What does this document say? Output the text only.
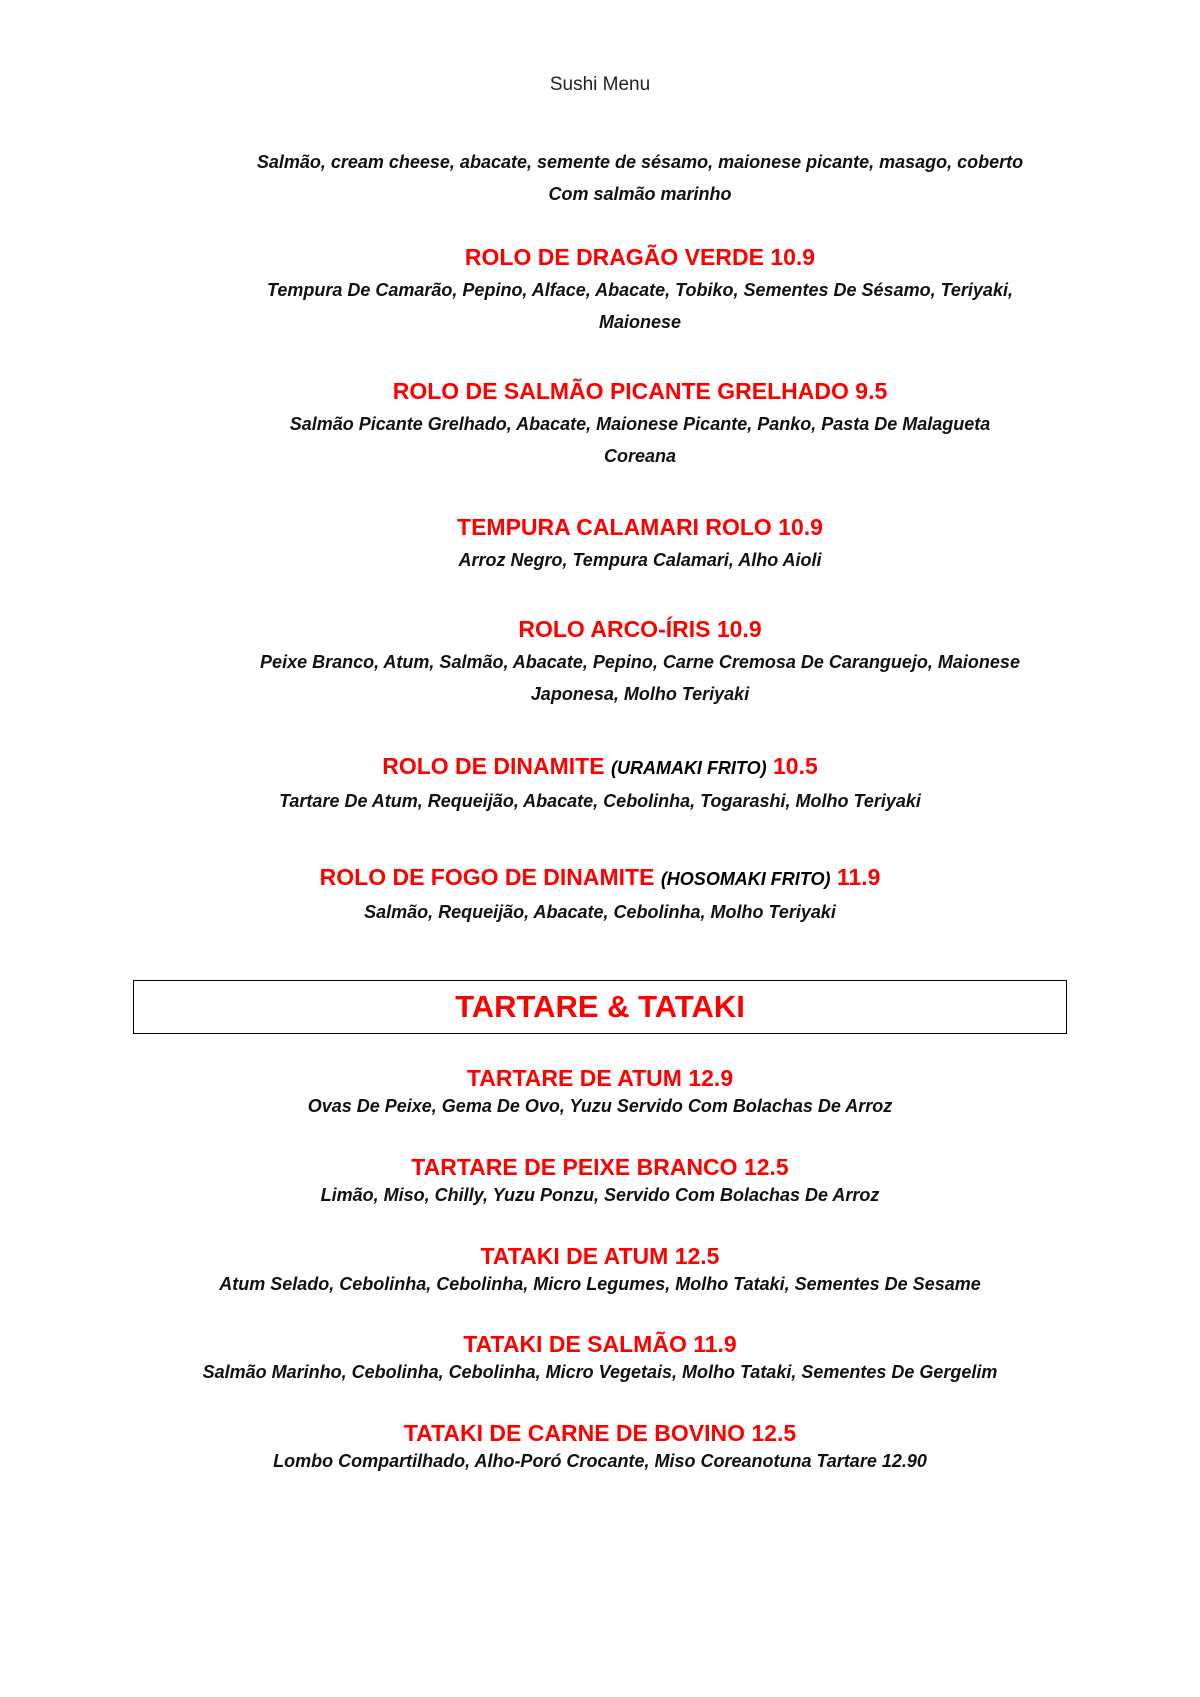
Sushi Menu
Salmão, cream cheese, abacate, semente de sésamo, maionese picante, masago, coberto
Com salmão marinho
ROLO DE DRAGÃO VERDE 10.9
Tempura De Camarão, Pepino, Alface, Abacate, Tobiko, Sementes De Sésamo, Teriyaki,
Maionese
ROLO DE SALMÃO PICANTE GRELHADO 9.5
Salmão Picante Grelhado, Abacate, Maionese Picante, Panko, Pasta De Malagueta
Coreana
TEMPURA CALAMARI ROLO 10.9
Arroz Negro, Tempura Calamari, Alho Aioli
ROLO ARCO-ÍRIS 10.9
Peixe Branco, Atum, Salmão, Abacate, Pepino, Carne Cremosa De Caranguejo, Maionese
Japonesa, Molho Teriyaki
ROLO DE DINAMITE (URAMAKI FRITO) 10.5
Tartare De Atum, Requeijão, Abacate, Cebolinha, Togarashi, Molho Teriyaki
ROLO DE FOGO DE DINAMITE (HOSOMAKI FRITO) 11.9
Salmão, Requeijão, Abacate, Cebolinha, Molho Teriyaki
TARTARE & TATAKI
TARTARE DE ATUM 12.9
Ovas De Peixe, Gema De Ovo, Yuzu Servido Com Bolachas De Arroz
TARTARE DE PEIXE BRANCO 12.5
Limão, Miso, Chilly, Yuzu Ponzu, Servido Com Bolachas De Arroz
TATAKI DE ATUM 12.5
Atum Selado, Cebolinha, Cebolinha, Micro Legumes, Molho Tataki, Sementes De Sesame
TATAKI DE SALMÃO 11.9
Salmão Marinho, Cebolinha, Cebolinha, Micro Vegetais, Molho Tataki, Sementes De Gergelim
TATAKI DE CARNE DE BOVINO 12.5
Lombo Compartilhado, Alho-Poró Crocante, Miso Coreanotuna Tartare 12.90
